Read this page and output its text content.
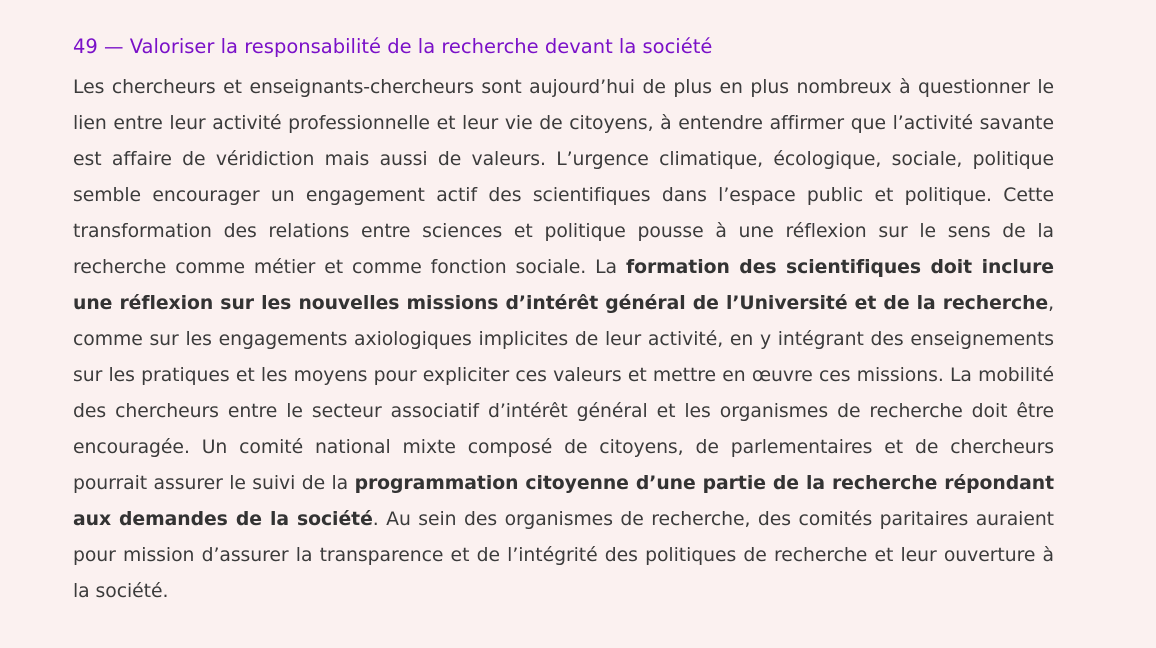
49 — Valoriser la responsabilité de la recherche devant la société

Les chercheurs et enseignants-chercheurs sont aujourd’hui de plus en plus nombreux à questionner le lien entre leur activité professionnelle et leur vie de citoyens, à entendre affirmer que l’activité savante est affaire de véridiction mais aussi de valeurs. L’urgence climatique, écologique, sociale, politique semble encourager un engagement actif des scientifiques dans l’espace public et politique. Cette transformation des relations entre sciences et politique pousse à une réflexion sur le sens de la recherche comme métier et comme fonction sociale. La formation des scientifiques doit inclure une réflexion sur les nouvelles missions d’intérêt général de l’Université et de la recherche, comme sur les engagements axiologiques implicites de leur activité, en y intégrant des enseignements sur les pratiques et les moyens pour expliciter ces valeurs et mettre en œuvre ces missions. La mobilité des chercheurs entre le secteur associatif d’intérêt général et les organismes de recherche doit être encouragée. Un comité national mixte composé de citoyens, de parlementaires et de chercheurs pourrait assurer le suivi de la programmation citoyenne d’une partie de la recherche répondant aux demandes de la société. Au sein des organismes de recherche, des comités paritaires auraient pour mission d’assurer la transparence et de l’intégrité des politiques de recherche et leur ouverture à la société.
